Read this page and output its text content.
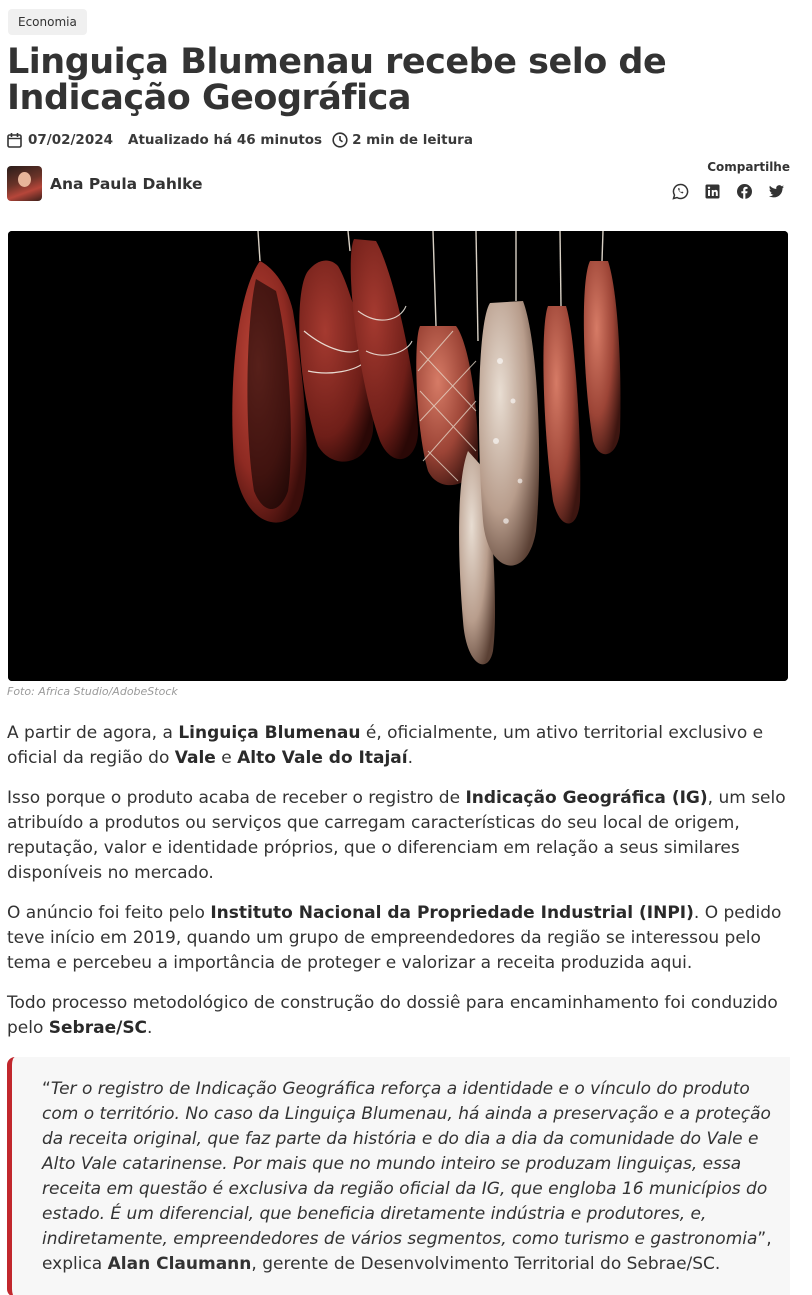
Economia
Linguiça Blumenau recebe selo de Indicação Geográfica
07/02/2024 Atualizado há 46 minutos 2 min de leitura
Ana Paula Dahlke
Compartilhe
Foto: Africa Studio/AdobeStock

A partir de agora, a Linguiça Blumenau é, oficialmente, um ativo territorial exclusivo e oficial da região do Vale e Alto Vale do Itajaí.

Isso porque o produto acaba de receber o registro de Indicação Geográfica (IG), um selo atribuído a produtos ou serviços que carregam características do seu local de origem, reputação, valor e identidade próprios, que o diferenciam em relação a seus similares disponíveis no mercado.

O anúncio foi feito pelo Instituto Nacional da Propriedade Industrial (INPI). O pedido teve início em 2019, quando um grupo de empreendedores da região se interessou pelo tema e percebeu a importância de proteger e valorizar a receita produzida aqui.

Todo processo metodológico de construção do dossiê para encaminhamento foi conduzido pelo Sebrae/SC.

“Ter o registro de Indicação Geográfica reforça a identidade e o vínculo do produto com o território. No caso da Linguiça Blumenau, há ainda a preservação e a proteção da receita original, que faz parte da história e do dia a dia da comunidade do Vale e Alto Vale catarinense. Por mais que no mundo inteiro se produzam linguiças, essa receita em questão é exclusiva da região oficial da IG, que engloba 16 municípios do estado. É um diferencial, que beneficia diretamente indústria e produtores, e, indiretamente, empreendedores de vários segmentos, como turismo e gastronomia”, explica Alan Claumann, gerente de Desenvolvimento Territorial do Sebrae/SC.
